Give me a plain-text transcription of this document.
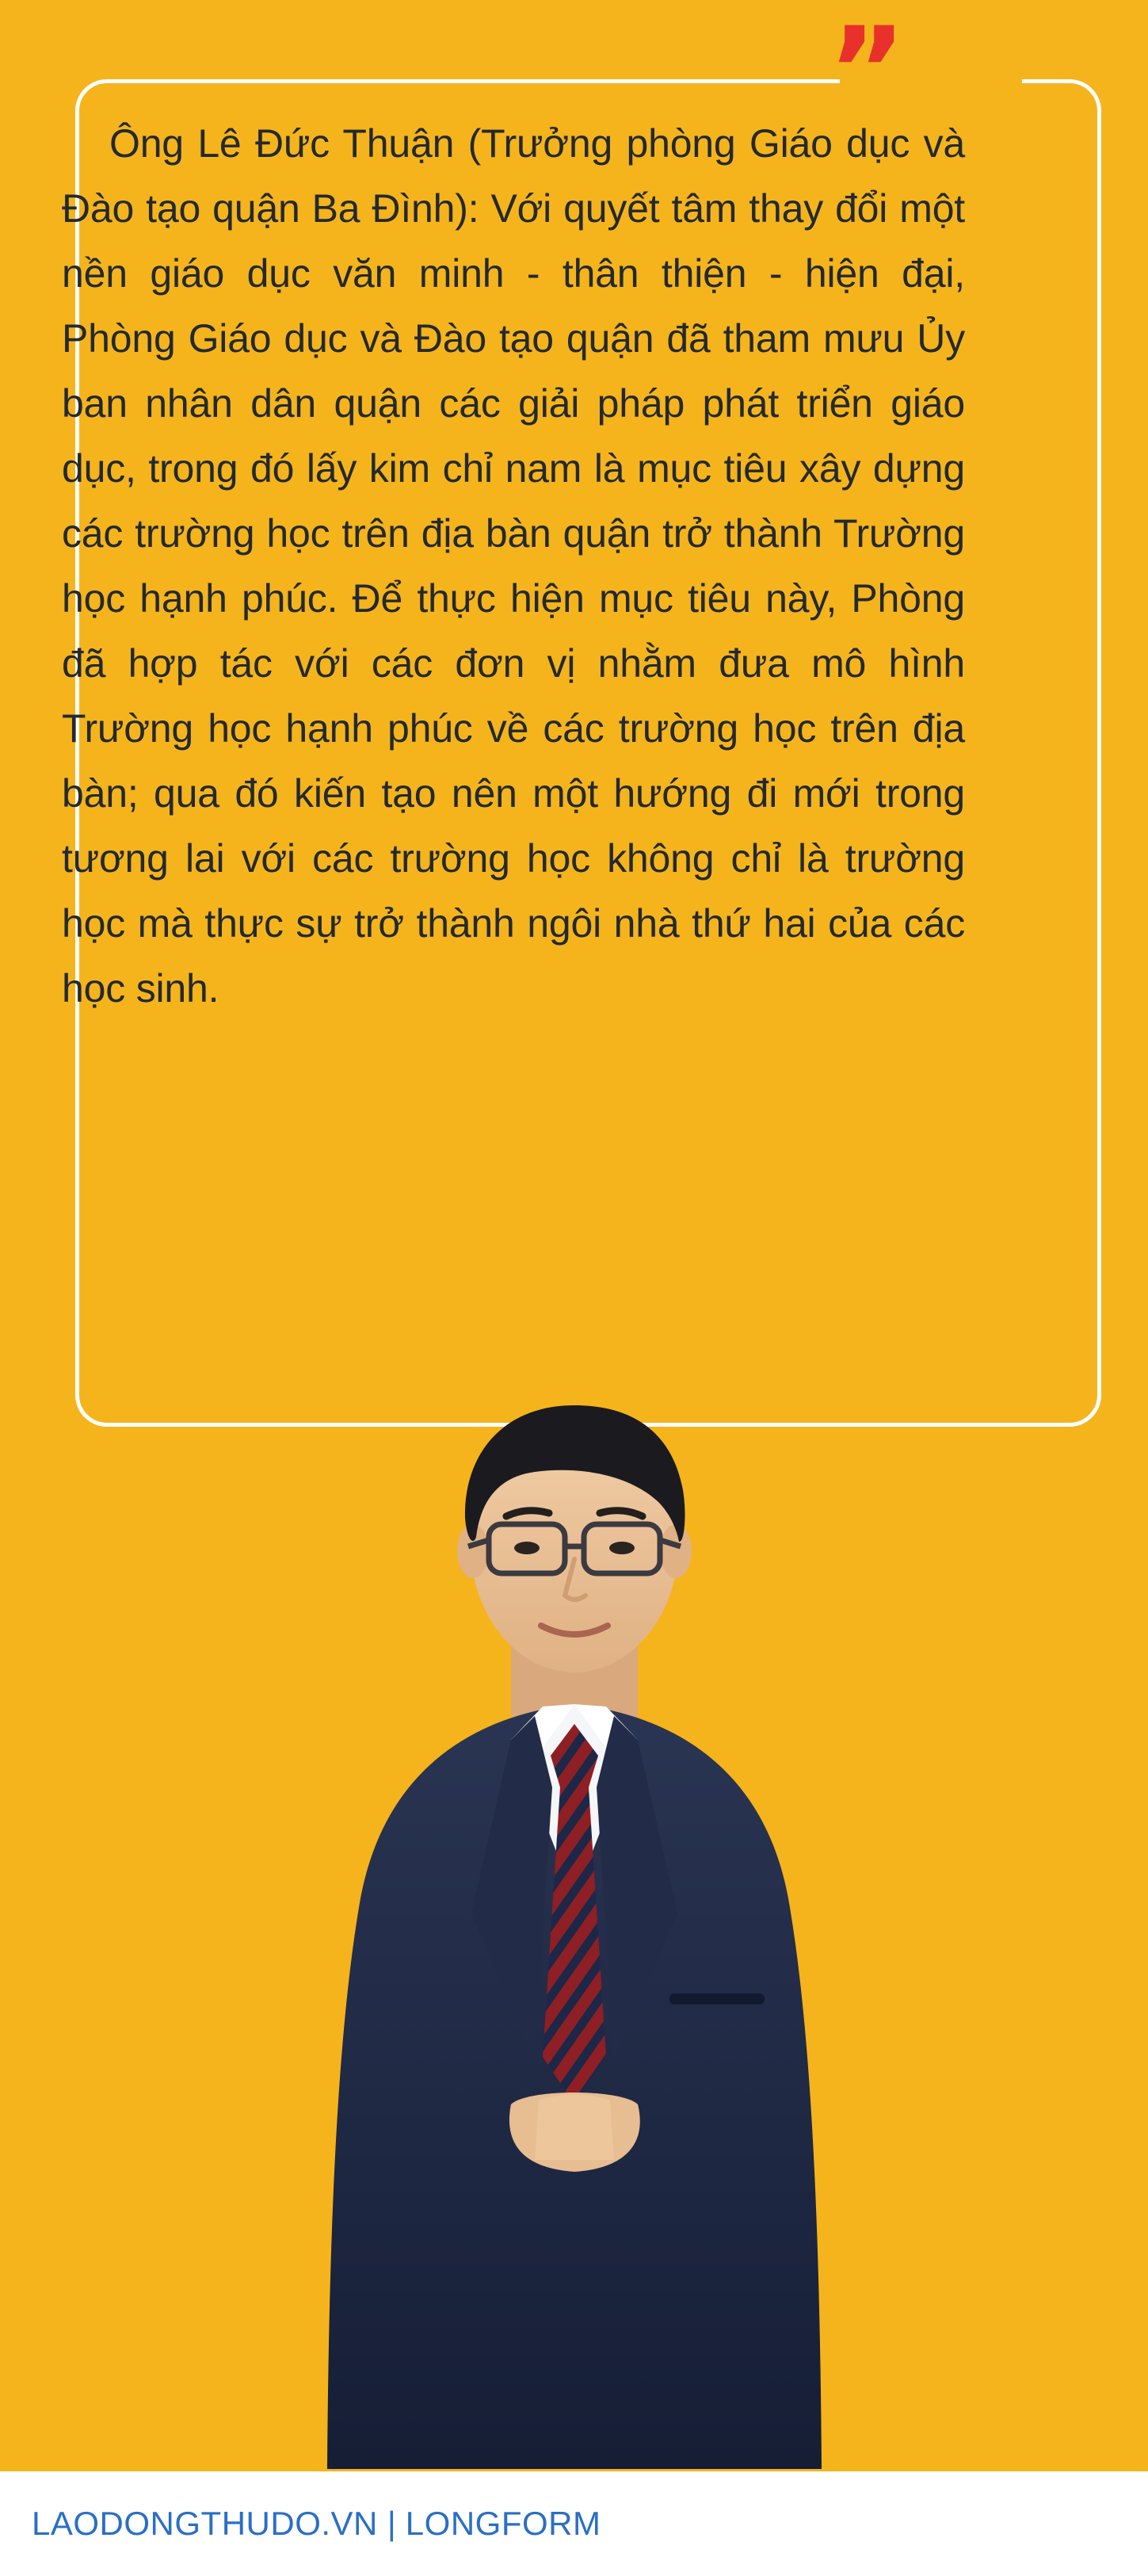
”
Ông Lê Đức Thuận (Trưởng phòng Giáo dục và Đào tạo quận Ba Đình): Với quyết tâm thay đổi một nền giáo dục văn minh - thân thiện - hiện đại, Phòng Giáo dục và Đào tạo quận đã tham mưu Ủy ban nhân dân quận các giải pháp phát triển giáo dục, trong đó lấy kim chỉ nam là mục tiêu xây dựng các trường học trên địa bàn quận trở thành Trường học hạnh phúc. Để thực hiện mục tiêu này, Phòng đã hợp tác với các đơn vị nhằm đưa mô hình Trường học hạnh phúc về các trường học trên địa bàn; qua đó kiến tạo nên một hướng đi mới trong tương lai với các trường học không chỉ là trường học mà thực sự trở thành ngôi nhà thứ hai của các học sinh.
LAODONGTHUDO.VN | LONGFORM
